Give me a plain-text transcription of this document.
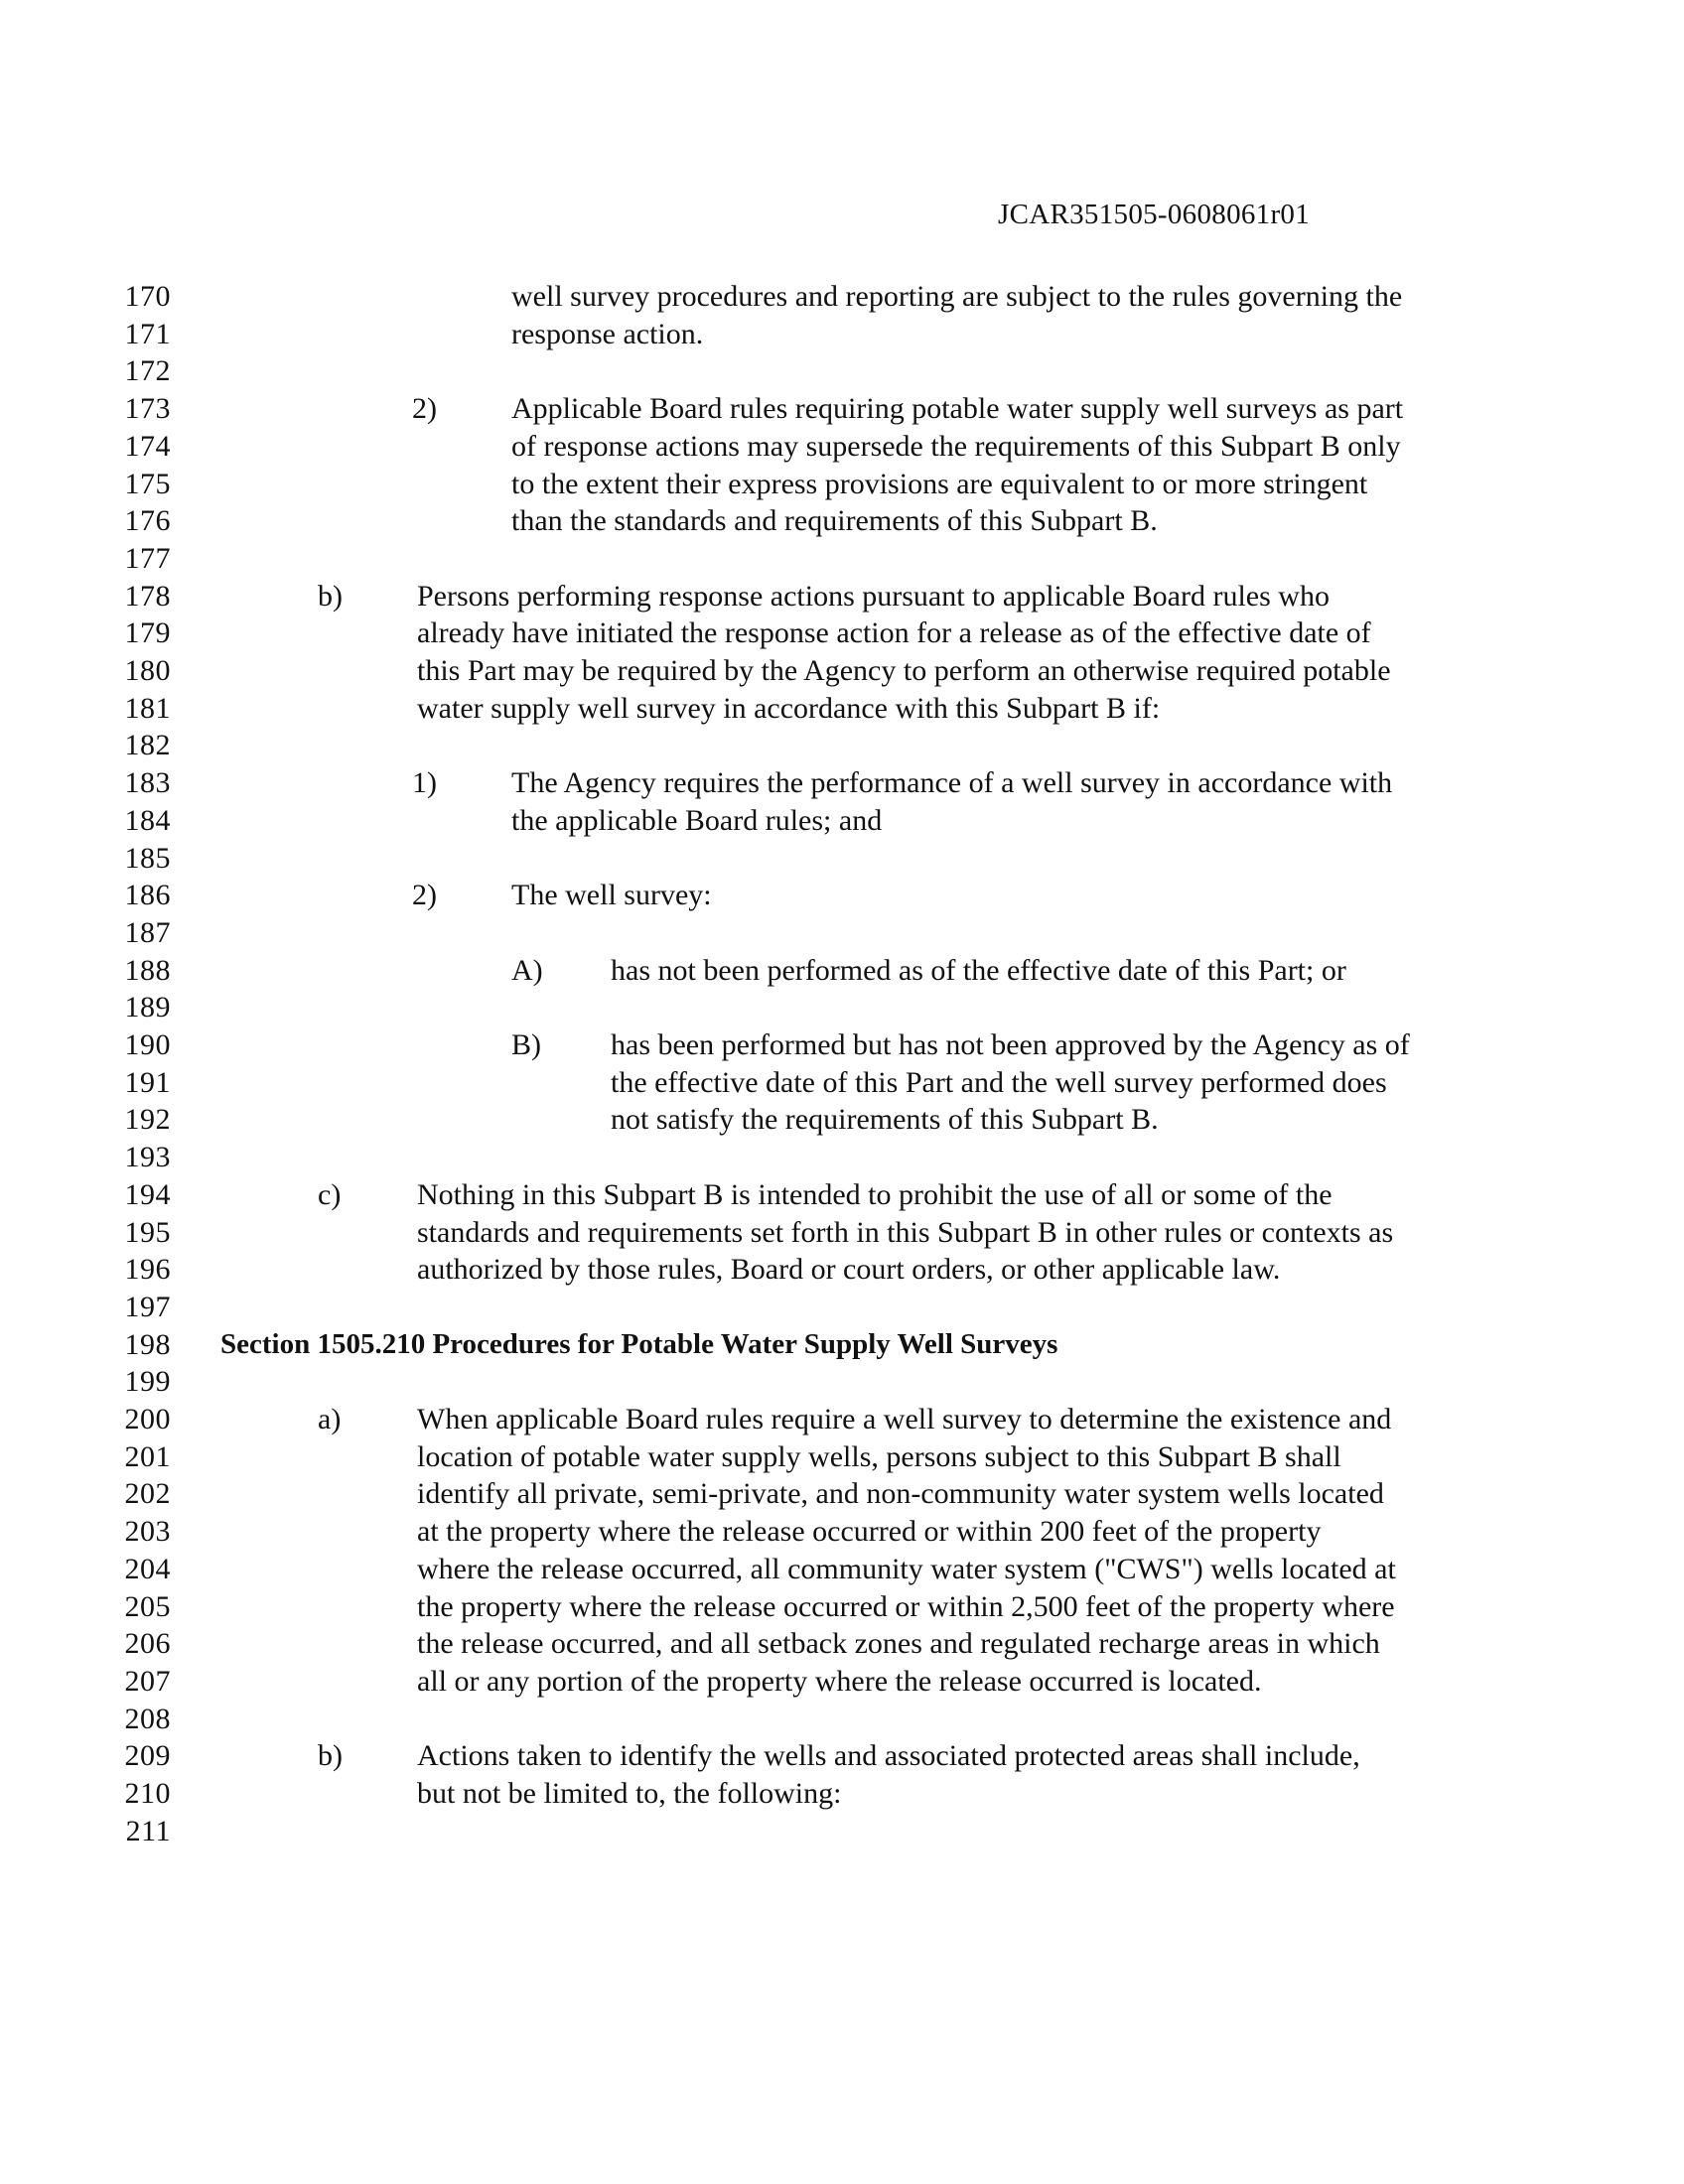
JCAR351505-0608061r01
170	well survey procedures and reporting are subject to the rules governing the
171	response action.
172
173	2)	Applicable Board rules requiring potable water supply well surveys as part
174	of response actions may supersede the requirements of this Subpart B only
175	to the extent their express provisions are equivalent to or more stringent
176	than the standards and requirements of this Subpart B.
177
178	b)	Persons performing response actions pursuant to applicable Board rules who
179	already have initiated the response action for a release as of the effective date of
180	this Part may be required by the Agency to perform an otherwise required potable
181	water supply well survey in accordance with this Subpart B if:
182
183	1)	The Agency requires the performance of a well survey in accordance with
184	the applicable Board rules; and
185
186	2)	The well survey:
187
188	A) has not been performed as of the effective date of this Part; or
189
190	B) has been performed but has not been approved by the Agency as of
191	the effective date of this Part and the well survey performed does
192	not satisfy the requirements of this Subpart B.
193
194	c)	Nothing in this Subpart B is intended to prohibit the use of all or some of the
195	standards and requirements set forth in this Subpart B in other rules or contexts as
196	authorized by those rules, Board or court orders, or other applicable law.
197
198 Section 1505.210 Procedures for Potable Water Supply Well Surveys
199
200	a)	When applicable Board rules require a well survey to determine the existence and
201	location of potable water supply wells, persons subject to this Subpart B shall
202	identify all private, semi-private, and non-community water system wells located
203	at the property where the release occurred or within 200 feet of the property
204	where the release occurred, all community water system ("CWS") wells located at
205	the property where the release occurred or within 2,500 feet of the property where
206	the release occurred, and all setback zones and regulated recharge areas in which
207	all or any portion of the property where the release occurred is located.
208
209	b)	Actions taken to identify the wells and associated protected areas shall include,
210	but not be limited to, the following:
211
